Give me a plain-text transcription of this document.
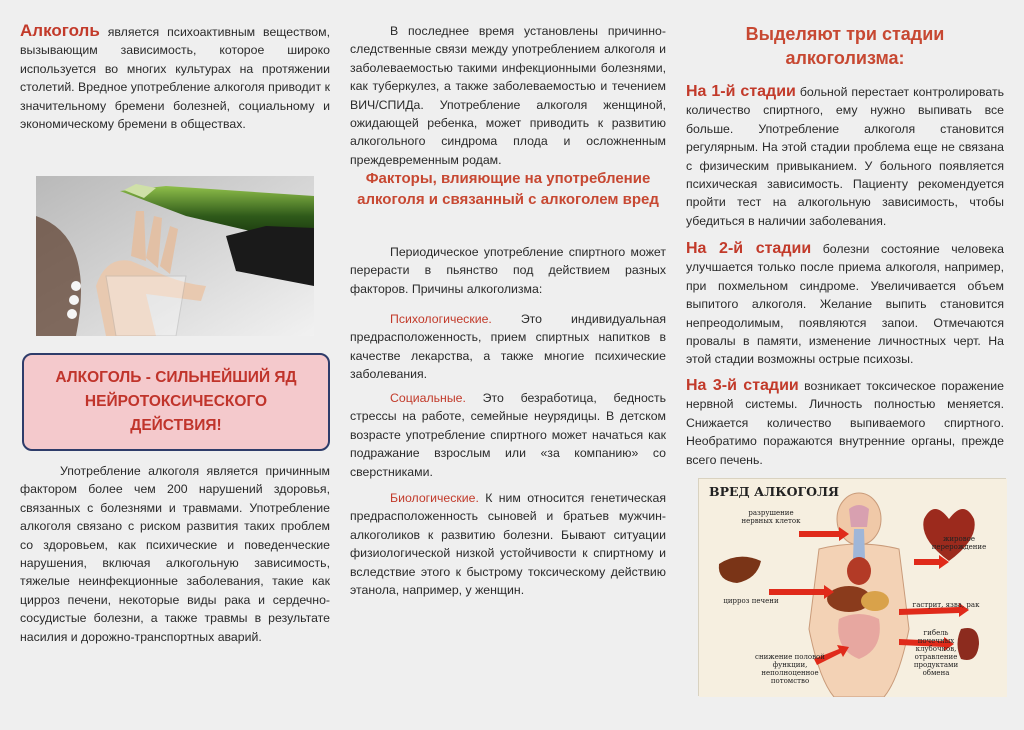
Алкоголь является психоактивным веществом, вызывающим зависимость, которое широко используется во многих культурах на протяжении столетий. Вредное употребление алкоголя приводит к значительному бремени болезней, социальному и экономическому бремени в обществах.

АЛКОГОЛЬ - СИЛЬНЕЙШИЙ ЯД НЕЙРОТОКСИЧЕСКОГО ДЕЙСТВИЯ!

Употребление алкоголя является причинным фактором более чем 200 нарушений здоровья, связанных с болезнями и травмами. Употребление алкоголя связано с риском развития таких проблем со здоровьем, как психические и поведенческие нарушения, включая алкогольную зависимость, тяжелые неинфекционные заболевания, такие как цирроз печени, некоторые виды рака и сердечно-сосудистые болезни, а также травмы в результате насилия и дорожно-транспортных аварий.

В последнее время установлены причинно-следственные связи между употреблением алкоголя и заболеваемостью такими инфекционными болезнями, как туберкулез, а также заболеваемостью и течением ВИЧ/СПИДа. Употребление алкоголя женщиной, ожидающей ребенка, может приводить к развитию алкогольного синдрома плода и осложненным преждевременным родам.

Факторы, влияющие на употребление алкоголя и связанный с алкоголем вред

Периодическое употребление спиртного может перерасти в пьянство под действием разных факторов. Причины алкоголизма:

Психологические. Это индивидуальная предрасположенность, прием спиртных напитков в качестве лекарства, а также многие психические заболевания.

Социальные. Это безработица, бедность стрессы на работе, семейные неурядицы. В детском возрасте употребление спиртного может начаться как подражание взрослым или «за компанию» со сверстниками.

Биологические. К ним относится генетическая предрасположенность сыновей и братьев мужчин-алкоголиков к развитию болезни. Бывают ситуации физиологической низкой устойчивости к спиртному и вследствие этого к быстрому токсическому действию этанола, например, у женщин.

Выделяют три стадии алкоголизма:

На 1-й стадии больной перестает контролировать количество спиртного, ему нужно выпивать все больше. Употребление алкоголя становится регулярным. На этой стадии проблема еще не связана с физическим привыканием. У больного появляется психическая зависимость. Пациенту рекомендуется пройти тест на алкогольную зависимость, чтобы убедиться в наличии заболевания.

На 2-й стадии болезни состояние человека улучшается только после приема алкоголя, например, при похмельном синдроме. Увеличивается объем выпитого алкоголя. Желание выпить становится непреодолимым, появляются запои. Отмечаются провалы в памяти, изменение личностных черт. На этой стадии возможны острые психозы.

На 3-й стадии возникает токсическое поражение нервной системы. Личность полностью меняется. Снижается количество выпиваемого спиртного. Необратимо поражаются внутренние органы, прежде всего печень.

ВРЕД АЛКОГОЛЯ
разрушение нервных клеток
жировое перерождение
цирроз печени	гастрит, язва, рак
гибель почечных клубочков, отравление продуктами обмена
снижение половой функции, неполноценное потомство
